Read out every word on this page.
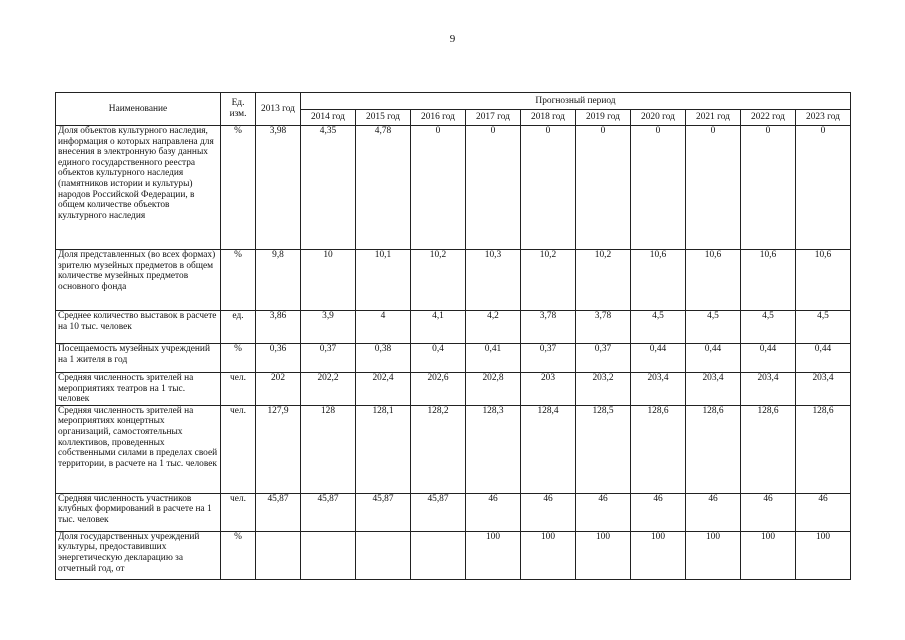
9
Наименование	Ед. изм.	2013 год	Прогнозный период									
			2014 год	2015 год	2016 год	2017 год	2018 год	2019 год	2020 год	2021 год	2022 год	2023 год
Доля объектов культурного наследия, информация о которых направлена для внесения в электронную базу данных единого государственного реестра объектов культурного наследия (памятников истории и культуры) народов Российской Федерации, в общем количестве объектов культурного наследия	%	3,98	4,35	4,78	0	0	0	0	0	0	0	0
Доля представленных (во всех формах) зрителю музейных предметов в общем количестве музейных предметов основного фонда	%	9,8	10	10,1	10,2	10,3	10,2	10,2	10,6	10,6	10,6	10,6
Среднее количество выставок в расчете на 10 тыс. человек	ед.	3,86	3,9	4	4,1	4,2	3,78	3,78	4,5	4,5	4,5	4,5
Посещаемость музейных учреждений на 1 жителя в год	%	0,36	0,37	0,38	0,4	0,41	0,37	0,37	0,44	0,44	0,44	0,44
Средняя численность зрителей на мероприятиях театров на 1 тыс. человек	чел.	202	202,2	202,4	202,6	202,8	203	203,2	203,4	203,4	203,4	203,4
Средняя численность зрителей на мероприятиях концертных организаций, самостоятельных коллективов, проведенных собственными силами в пределах своей территории, в расчете на 1 тыс. человек	чел.	127,9	128	128,1	128,2	128,3	128,4	128,5	128,6	128,6	128,6	128,6
Средняя численность участников клубных формирований в расчете на 1 тыс. человек	чел.	45,87	45,87	45,87	45,87	46	46	46	46	46	46	46
Доля государственных учреждений культуры, предоставивших энергетическую декларацию за отчетный год, от	%					100	100	100	100	100	100	100
